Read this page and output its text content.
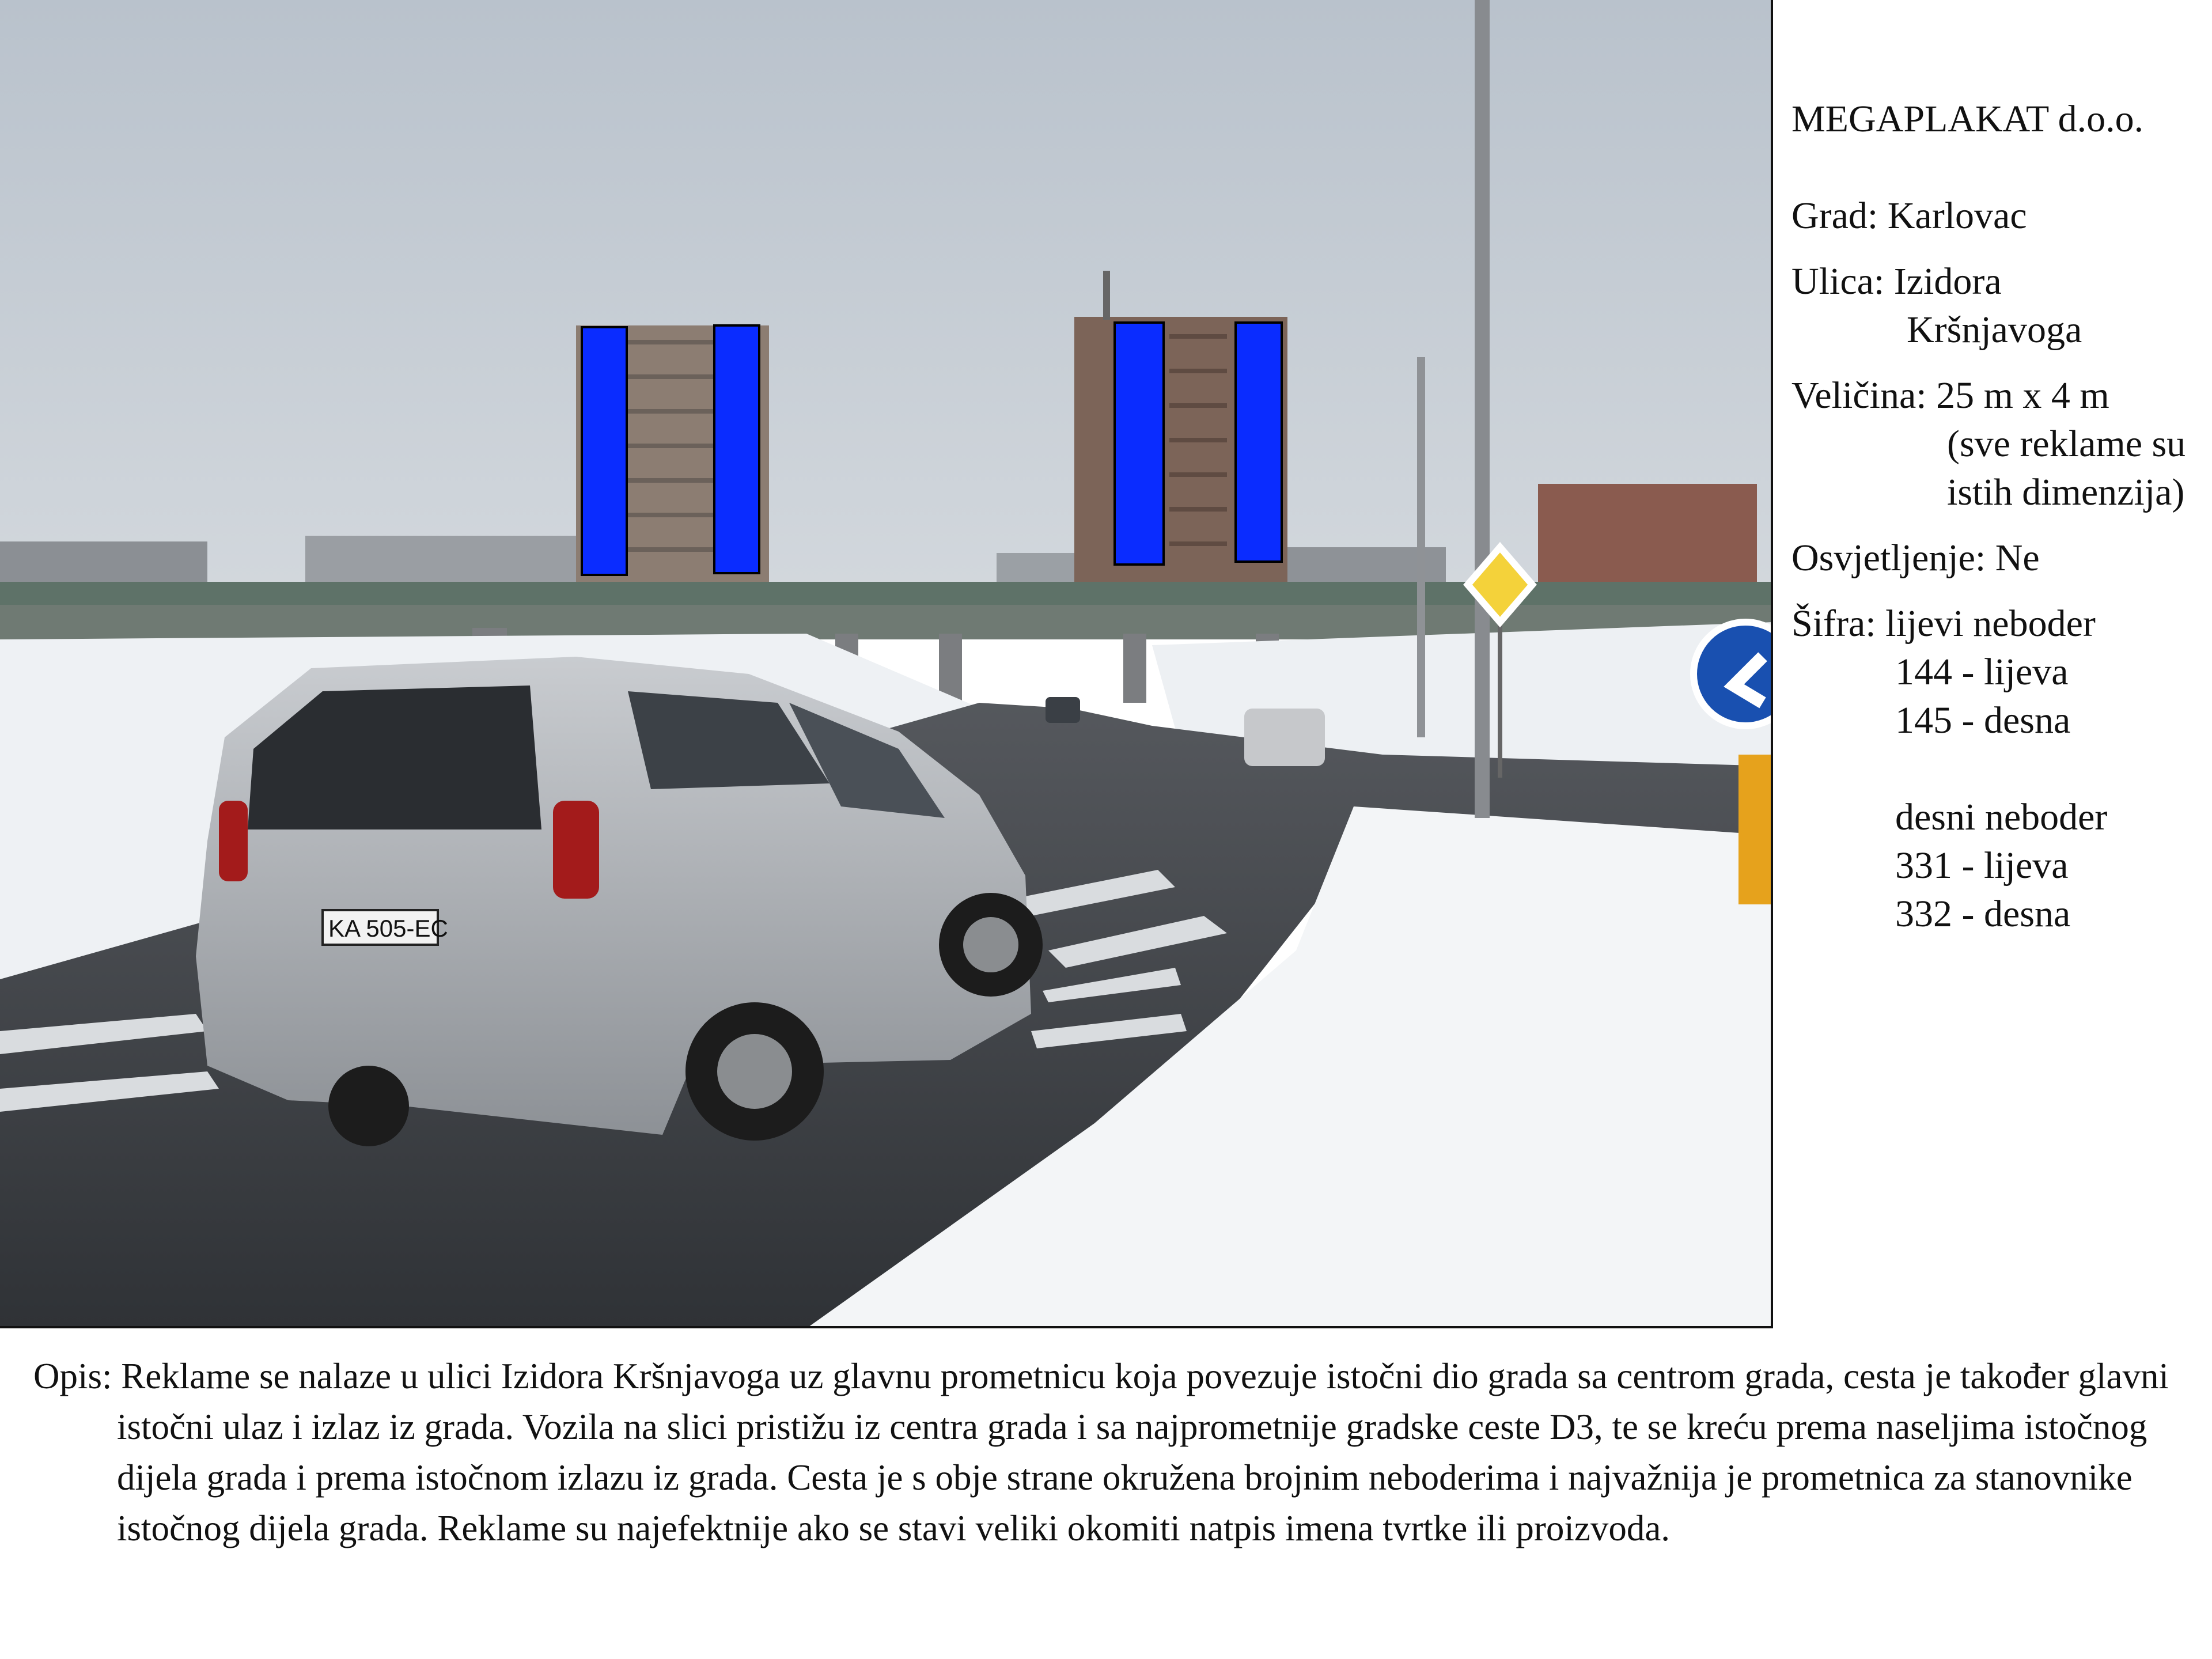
KA 505-EC
MEGAPLAKAT d.o.o.
Grad: Karlovac
Ulica: Izidora
Kršnjavoga
Veličina: 25 m x 4 m
(sve reklame su
istih dimenzija)
Osvjetljenje: Ne
Šifra: lijevi neboder
144 - lijeva
145 - desna
desni neboder
331 - lijeva
332 - desna
Opis: Reklame se nalaze u ulici Izidora Kršnjavoga uz glavnu prometnicu koja povezuje istočni dio grada sa centrom grada, cesta je također glavni istočni ulaz i izlaz iz grada. Vozila na slici pristižu iz centra grada i sa najprometnije gradske ceste D3, te se kreću prema naseljima istočnog dijela grada i prema istočnom izlazu iz grada. Cesta je s obje strane okružena brojnim neboderima i najvažnija je prometnica za stanovnike istočnog dijela grada. Reklame su najefektnije ako se stavi veliki okomiti natpis imena tvrtke ili proizvoda.
